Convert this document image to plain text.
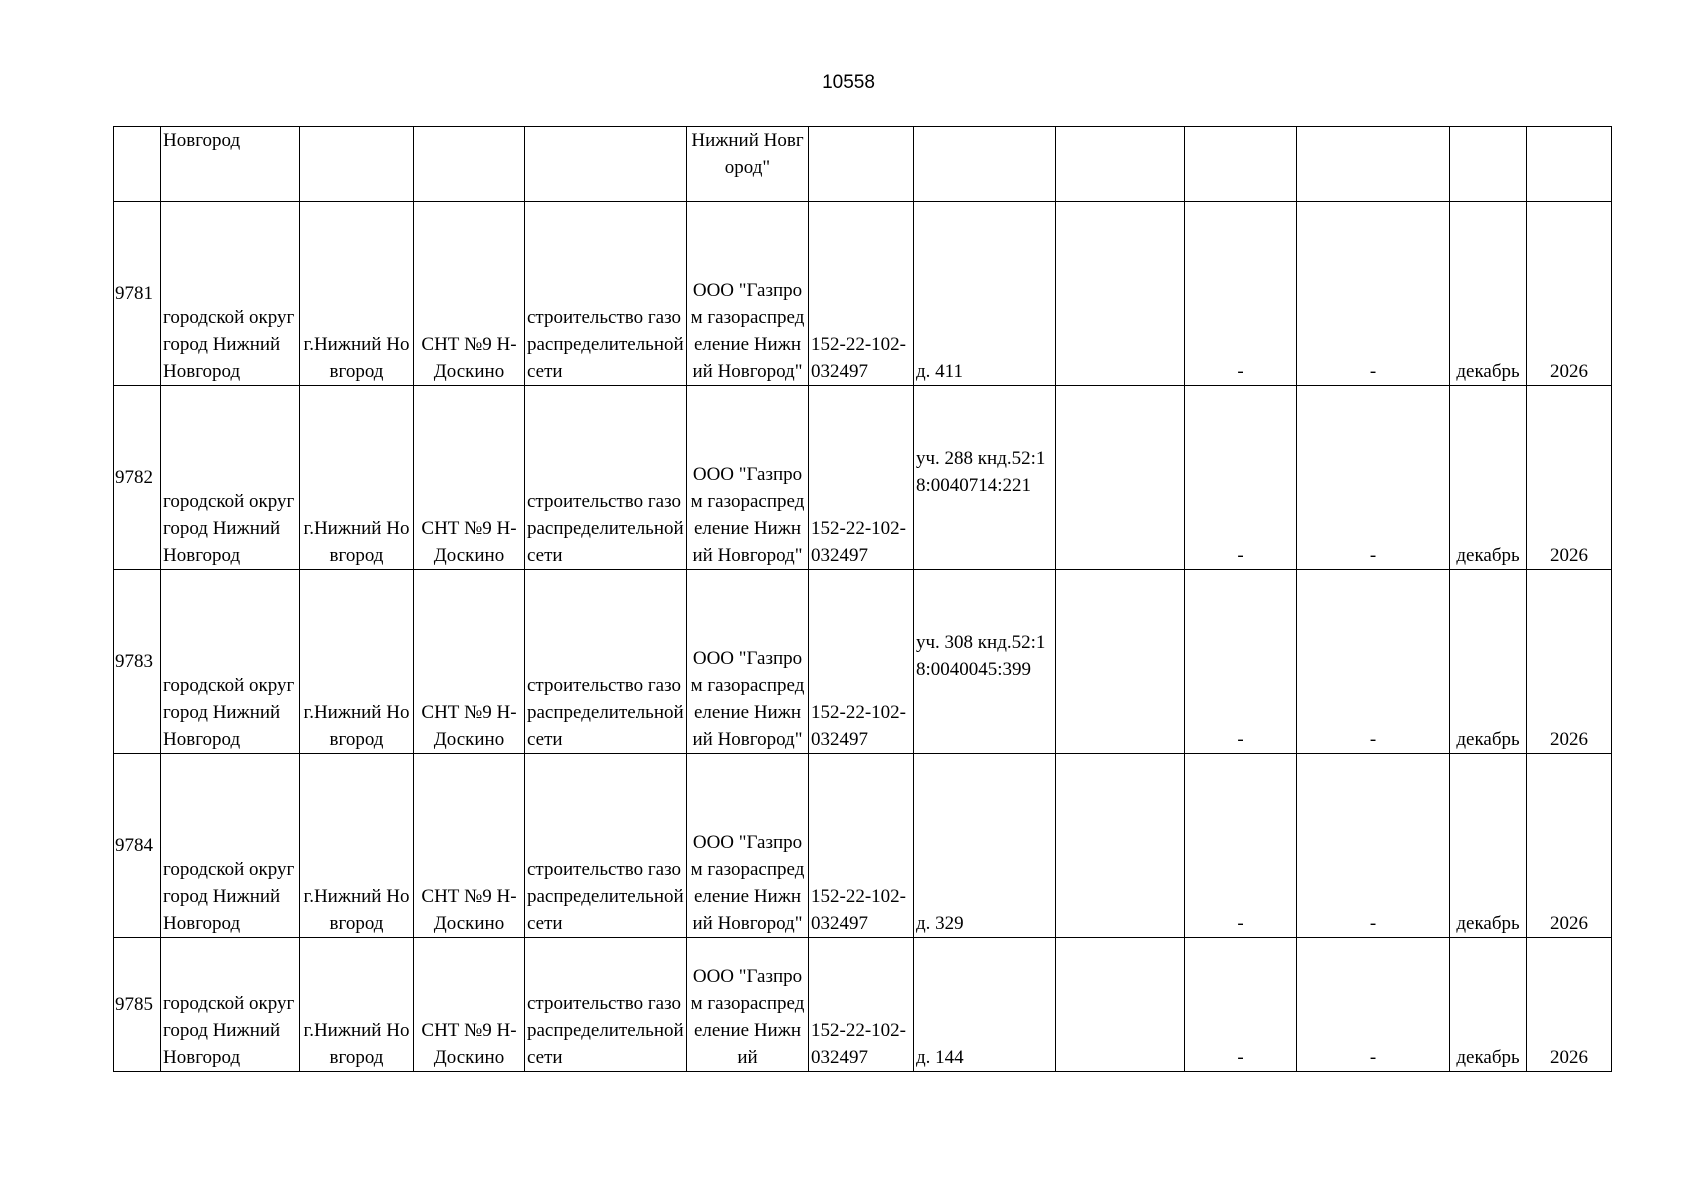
10558
	Новгород				Нижний Новгород"							
9781	городской округ город Нижний Новгород	г.Нижний Новгород	СНТ №9 Н-Доскино	строительство газораспределительной сети	ООО "Газпром газораспределение Нижний Новгород"	152-22-102-032497	д. 411		-	-	декабрь	2026
9782	городской округ город Нижний Новгород	г.Нижний Новгород	СНТ №9 Н-Доскино	строительство газораспределительной сети	ООО "Газпром газораспределение Нижний Новгород"	152-22-102-032497	уч. 288 кнд.52:18:0040714:221		-	-	декабрь	2026
9783	городской округ город Нижний Новгород	г.Нижний Новгород	СНТ №9 Н-Доскино	строительство газораспределительной сети	ООО "Газпром газораспределение Нижний Новгород"	152-22-102-032497	уч. 308 кнд.52:18:0040045:399		-	-	декабрь	2026
9784	городской округ город Нижний Новгород	г.Нижний Новгород	СНТ №9 Н-Доскино	строительство газораспределительной сети	ООО "Газпром газораспределение Нижний Новгород"	152-22-102-032497	д. 329		-	-	декабрь	2026
9785	городской округ город Нижний Новгород	г.Нижний Новгород	СНТ №9 Н-Доскино	строительство газораспределительной сети	ООО "Газпром газораспределение Нижний	152-22-102-032497	д. 144		-	-	декабрь	2026
